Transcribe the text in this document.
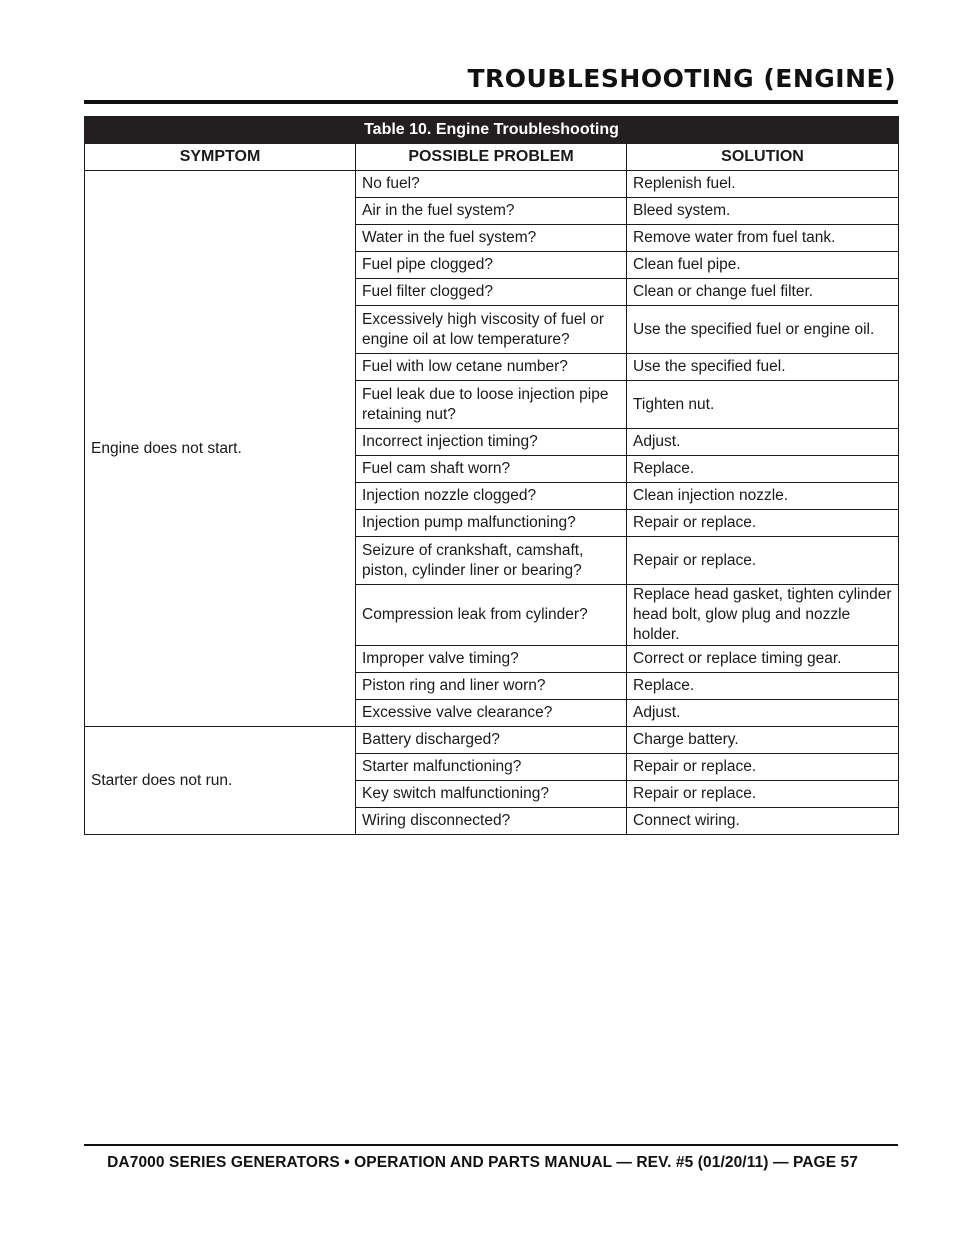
TROUBLESHOOTING (ENGINE)
Table 10. Engine Troubleshooting		
SYMPTOM	POSSIBLE PROBLEM	SOLUTION
Engine does not start.	No fuel?	Replenish fuel.
	Air in the fuel system?	Bleed system.
	Water in the fuel system?	Remove water from fuel tank.
	Fuel pipe clogged?	Clean fuel pipe.
	Fuel filter clogged?	Clean or change fuel filter.
	Excessively high viscosity of fuel or engine oil at low temperature?	Use the specified fuel or engine oil.
	Fuel with low cetane number?	Use the specified fuel.
	Fuel leak due to loose injection pipe retaining nut?	Tighten nut.
	Incorrect injection timing?	Adjust.
	Fuel cam shaft worn?	Replace.
	Injection nozzle clogged?	Clean injection nozzle.
	Injection pump malfunctioning?	Repair or replace.
	Seizure of crankshaft, camshaft, piston, cylinder liner or bearing?	Repair or replace.
	Compression leak from cylinder?	Replace head gasket, tighten cylinder head bolt, glow plug and nozzle holder.
	Improper valve timing?	Correct or replace timing gear.
	Piston ring and liner worn?	Replace.
	Excessive valve clearance?	Adjust.
Starter does not run.	Battery discharged?	Charge battery.
	Starter malfunctioning?	Repair or replace.
	Key switch malfunctioning?	Repair or replace.
	Wiring disconnected?	Connect wiring.
DA7000 SERIES GENERATORS • OPERATION AND PARTS MANUAL — REV. #5 (01/20/11) — PAGE 57
